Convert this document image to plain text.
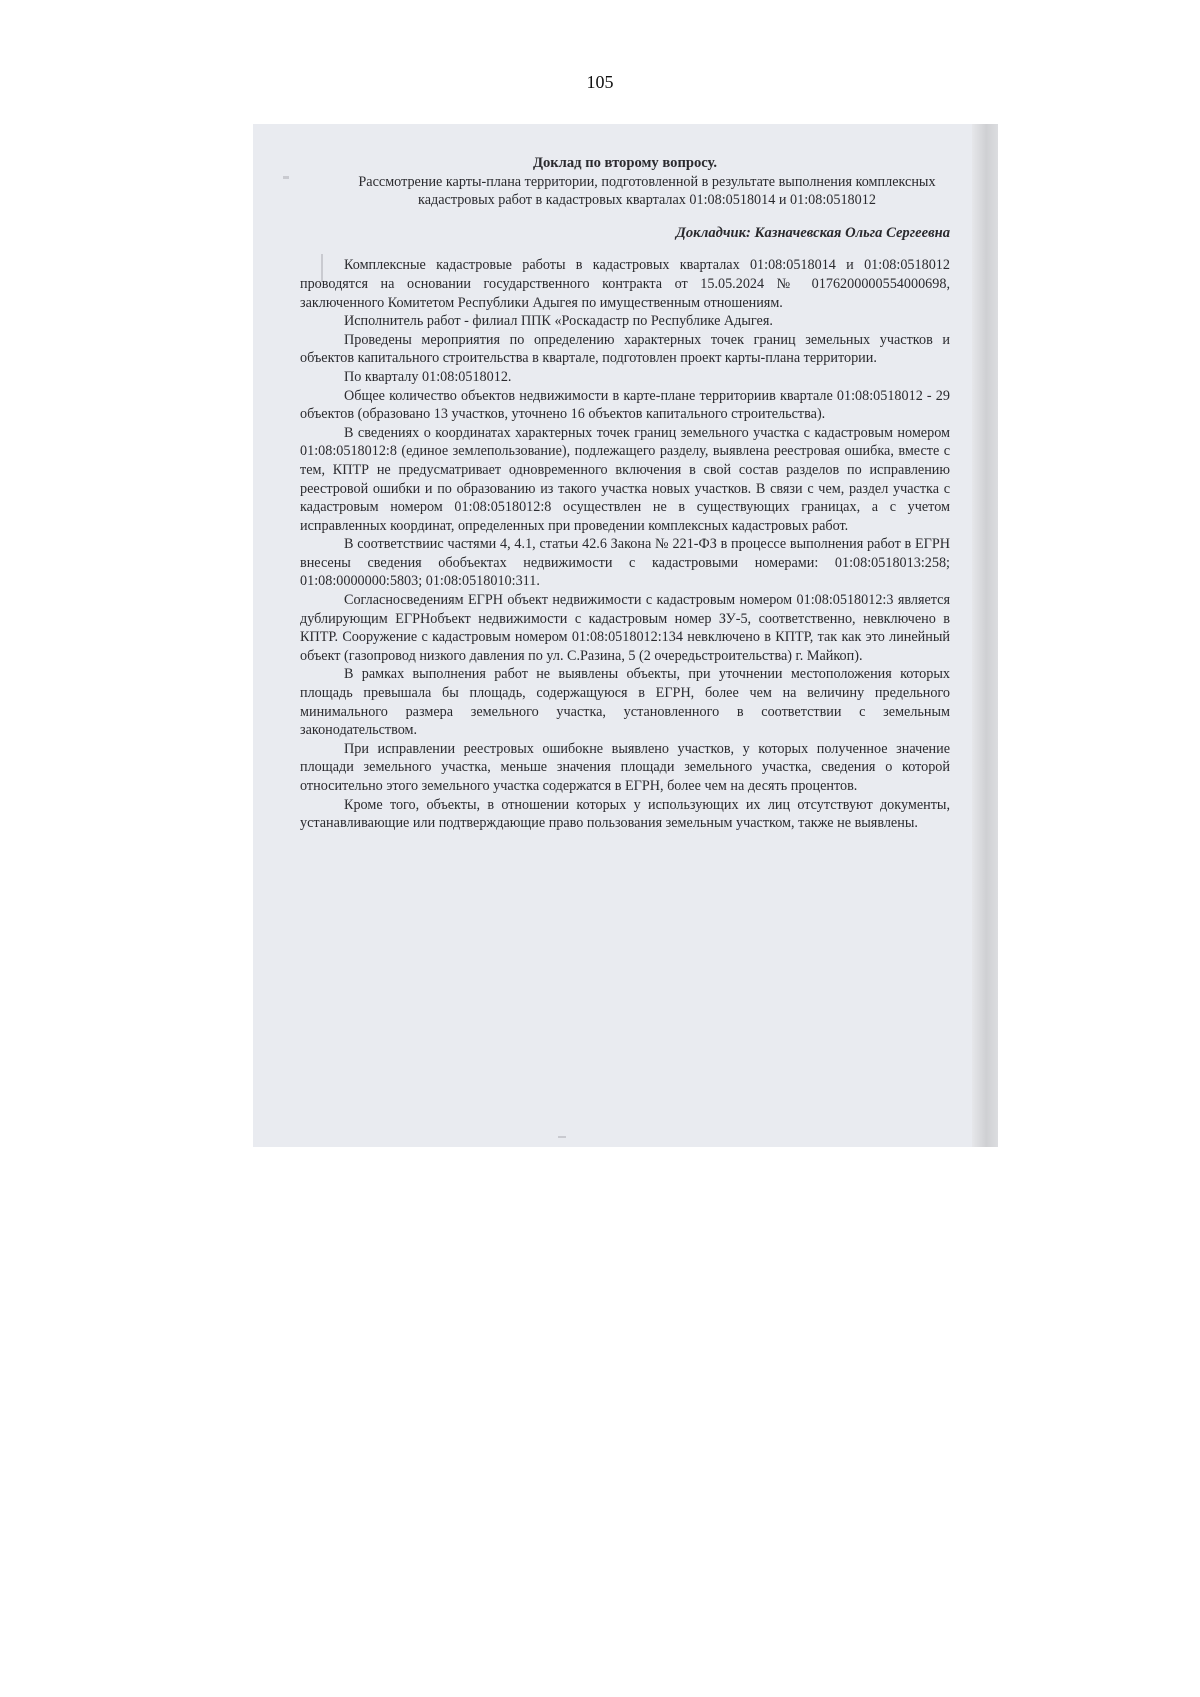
105

Доклад по второму вопросу.

Рассмотрение карты-плана территории, подготовленной в результате выполнения комплексных кадастровых работ в кадастровых кварталах 01:08:0518014 и 01:08:0518012

Докладчик: Казначевская Ольга Сергеевна

Комплексные кадастровые работы в кадастровых кварталах 01:08:0518014 и 01:08:0518012 проводятся на основании государственного контракта от 15.05.2024 № 0176200000554000698, заключенного Комитетом Республики Адыгея по имущественным отношениям.

Исполнитель работ - филиал ППК «Роскадастр по Республике Адыгея.

Проведены мероприятия по определению характерных точек границ земельных участков и объектов капитального строительства в квартале, подготовлен проект карты-плана территории.

По кварталу 01:08:0518012.

Общее количество объектов недвижимости в карте-плане территориив квартале 01:08:0518012 - 29 объектов (образовано 13 участков, уточнено 16 объектов капитального строительства).

В сведениях о координатах характерных точек границ земельного участка с кадастровым номером 01:08:0518012:8 (единое землепользование), подлежащего разделу, выявлена реестровая ошибка, вместе с тем, КПТР не предусматривает одновременного включения в свой состав разделов по исправлению реестровой ошибки и по образованию из такого участка новых участков. В связи с чем, раздел участка с кадастровым номером 01:08:0518012:8 осуществлен не в существующих границах, а с учетом исправленных координат, определенных при проведении комплексных кадастровых работ.

В соответствиис частями 4, 4.1, статьи 42.6 Закона № 221-ФЗ в процессе выполнения работ в ЕГРН внесены сведения обобъектах недвижимости с кадастровыми номерами: 01:08:0518013:258; 01:08:0000000:5803; 01:08:0518010:311.

Согласносведениям ЕГРН объект недвижимости с кадастровым номером 01:08:0518012:3 является дублирующим ЕГРНобъект недвижимости с кадастровым номер ЗУ-5, соответственно, невключено в КПТР. Сооружение с кадастровым номером 01:08:0518012:134 невключено в КПТР, так как это линейный объект (газопровод низкого давления по ул. С.Разина, 5 (2 очередьстроительства) г. Майкоп).

В рамках выполнения работ не выявлены объекты, при уточнении местоположения которых площадь превышала бы площадь, содержащуюся в ЕГРН, более чем на величину предельного минимального размера земельного участка, установленного в соответствии с земельным законодательством.

При исправлении реестровых ошибокне выявлено участков, у которых полученное значение площади земельного участка, меньше значения площади земельного участка, сведения о которой относительно этого земельного участка содержатся в ЕГРН, более чем на десять процентов.

Кроме того, объекты, в отношении которых у использующих их лиц отсутствуют документы, устанавливающие или подтверждающие право пользования земельным участком, также не выявлены.
